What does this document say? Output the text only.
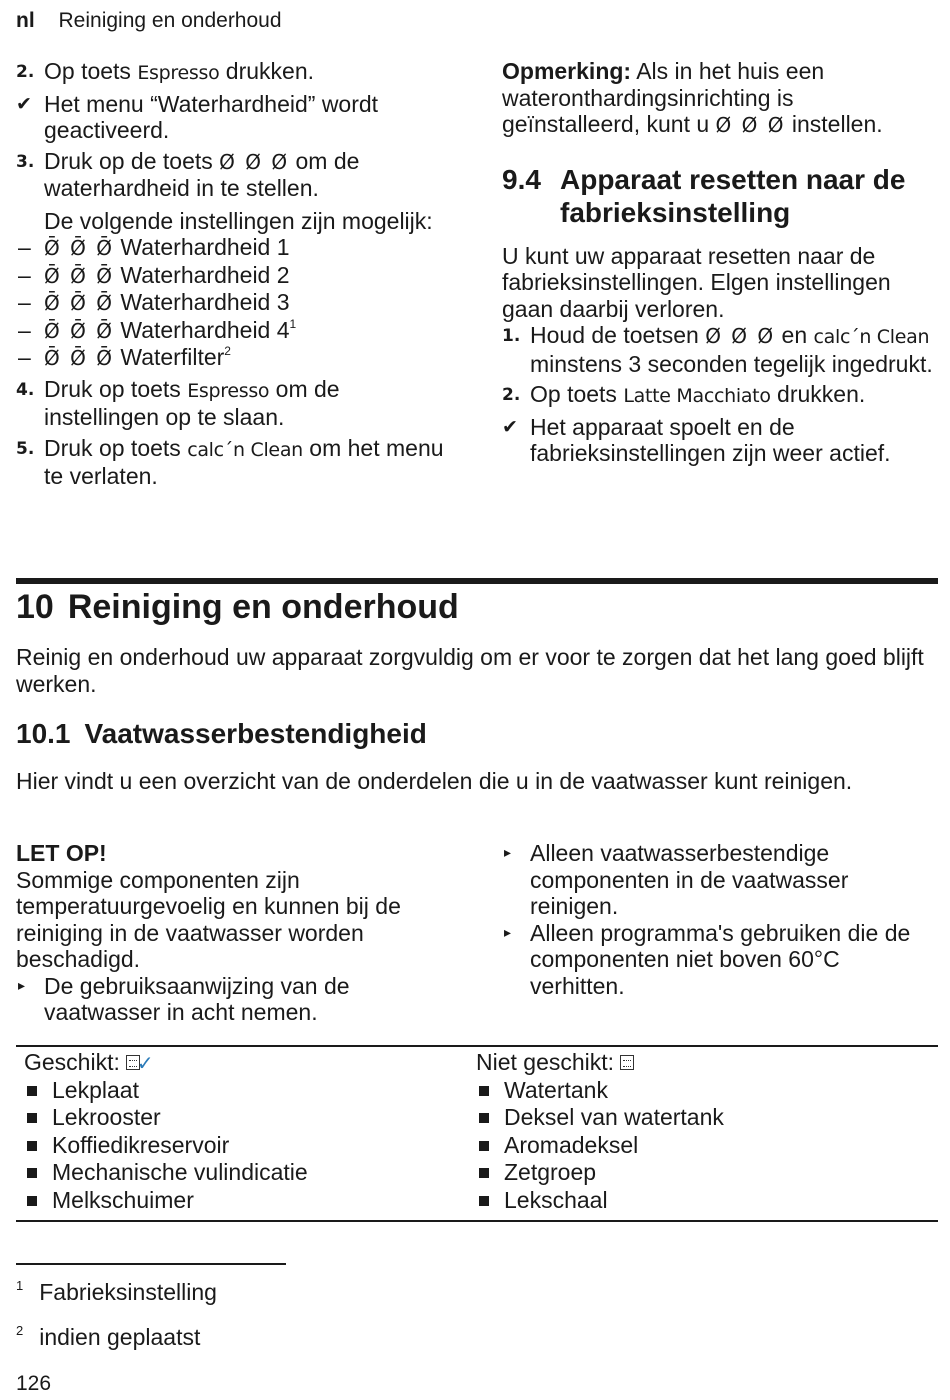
nl Reiniging en onderhoud
2. Op toets Espresso drukken.
✔ Het menu “Waterhardheid” wordt geactiveerd.
3. Druk op de toets Ø Ø Ø om de waterhardheid in te stellen.
De volgende instellingen zijn mogelijk:
– Ø̄ Ø̄ Ø̄ Waterhardheid 1
– Ø̄ Ø̄ Ø̄ Waterhardheid 2
– Ø̄ Ø̄ Ø̄ Waterhardheid 3
– Ø̄ Ø̄ Ø̄ Waterhardheid $4^1$
– Ø̄ Ø̄ Ø̄ Waterfilter$^2$
4. Druk op toets Espresso om de instellingen op te slaan.
5. Druk op toets calc´n Clean om het menu te verlaten.
Opmerking: Als in het huis een wateronthardingsinrichting is geïnstalleerd, kunt u Ø Ø Ø instellen.
9.4 Apparaat resetten naar de fabrieksinstelling
U kunt uw apparaat resetten naar de fabrieksinstellingen. Elgen instellingen gaan daarbij verloren.
1. Houd de toetsen Ø Ø Ø en calc´n Clean minstens 3 seconden tegelijk ingedrukt.
2. Op toets Latte Macchiato drukken.
✔ Het apparaat spoelt en de fabrieksinstellingen zijn weer actief.
10 Reiniging en onderhoud
Reinig en onderhoud uw apparaat zorgvuldig om er voor te zorgen dat het lang goed blijft werken.
10.1 Vaatwasserbestendigheid
Hier vindt u een overzicht van de onderdelen die u in de vaatwasser kunt reinigen.
LET OP!
Sommige componenten zijn temperatuurgevoelig en kunnen bij de reiniging in de vaatwasser worden beschadigd.
▸ De gebruiksaanwijzing van de vaatwasser in acht nemen.
▸ Alleen vaatwasserbestendige componenten in de vaatwasser reinigen.
▸ Alleen programma's gebruiken die de componenten niet boven 60°C verhitten.
Geschikt: ✓
Lekplaat
Lekrooster
Koffiedikreservoir
Mechanische vulindicatie
Melkschuimer
Niet geschikt:
Watertank
Deksel van watertank
Aromadeksel
Zetgroep
Lekschaal
$^1$ Fabrieksinstelling
$^2$ indien geplaatst
126
